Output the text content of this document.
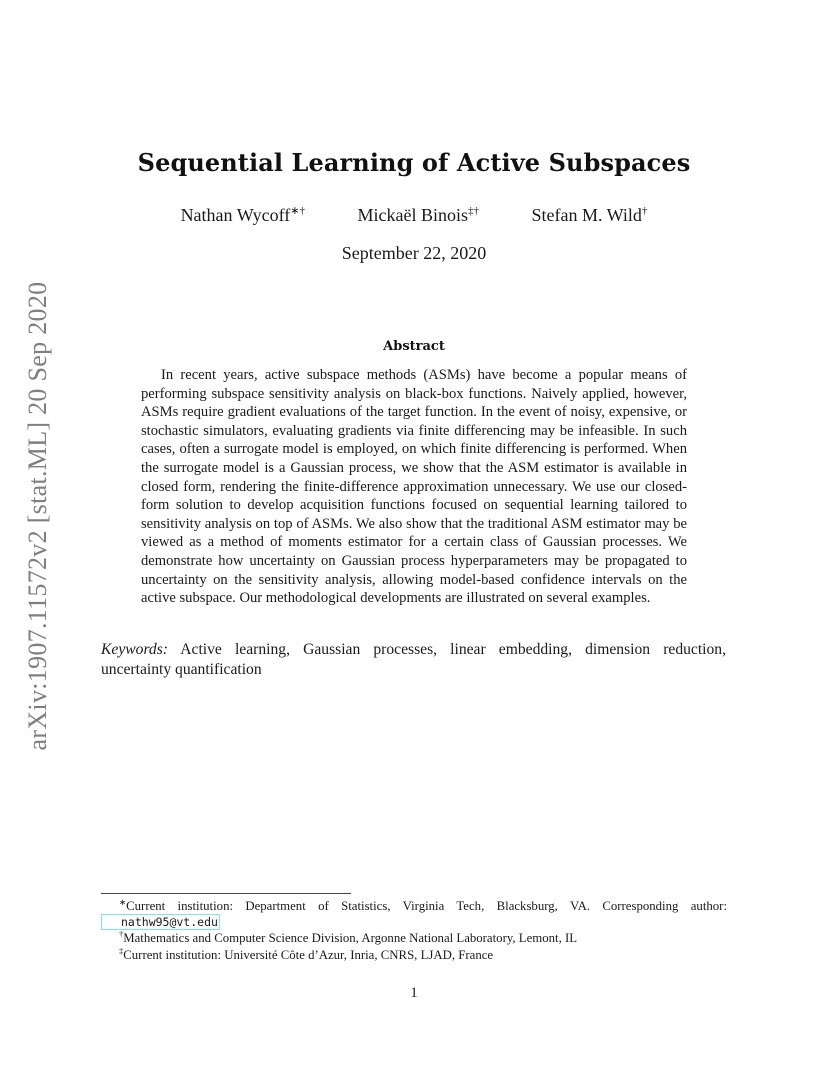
arXiv:1907.11572v2 [stat.ML] 20 Sep 2020
Sequential Learning of Active Subspaces
Nathan Wycoff∗†	Mickaël Binois‡†	Stefan M. Wild†
September 22, 2020
Abstract
In recent years, active subspace methods (ASMs) have become a popular means of performing subspace sensitivity analysis on black-box functions. Naively applied, however, ASMs require gradient evaluations of the target function. In the event of noisy, expensive, or stochastic simulators, evaluating gradients via finite differencing may be infeasible. In such cases, often a surrogate model is employed, on which finite differencing is performed. When the surrogate model is a Gaussian process, we show that the ASM estimator is available in closed form, rendering the finite-difference approximation unnecessary. We use our closed-form solution to develop acquisition functions focused on sequential learning tailored to sensitivity analysis on top of ASMs. We also show that the traditional ASM estimator may be viewed as a method of moments estimator for a certain class of Gaussian processes. We demonstrate how uncertainty on Gaussian process hyperparameters may be propagated to uncertainty on the sensitivity analysis, allowing model-based confidence intervals on the active subspace. Our methodological developments are illustrated on several examples.
Keywords: Active learning, Gaussian processes, linear embedding, dimension reduction, uncertainty quantification
∗Current institution: Department of Statistics, Virginia Tech, Blacksburg, VA. Corresponding author: nathw95@vt.edu
†Mathematics and Computer Science Division, Argonne National Laboratory, Lemont, IL
‡Current institution: Université Côte d’Azur, Inria, CNRS, LJAD, France
1
